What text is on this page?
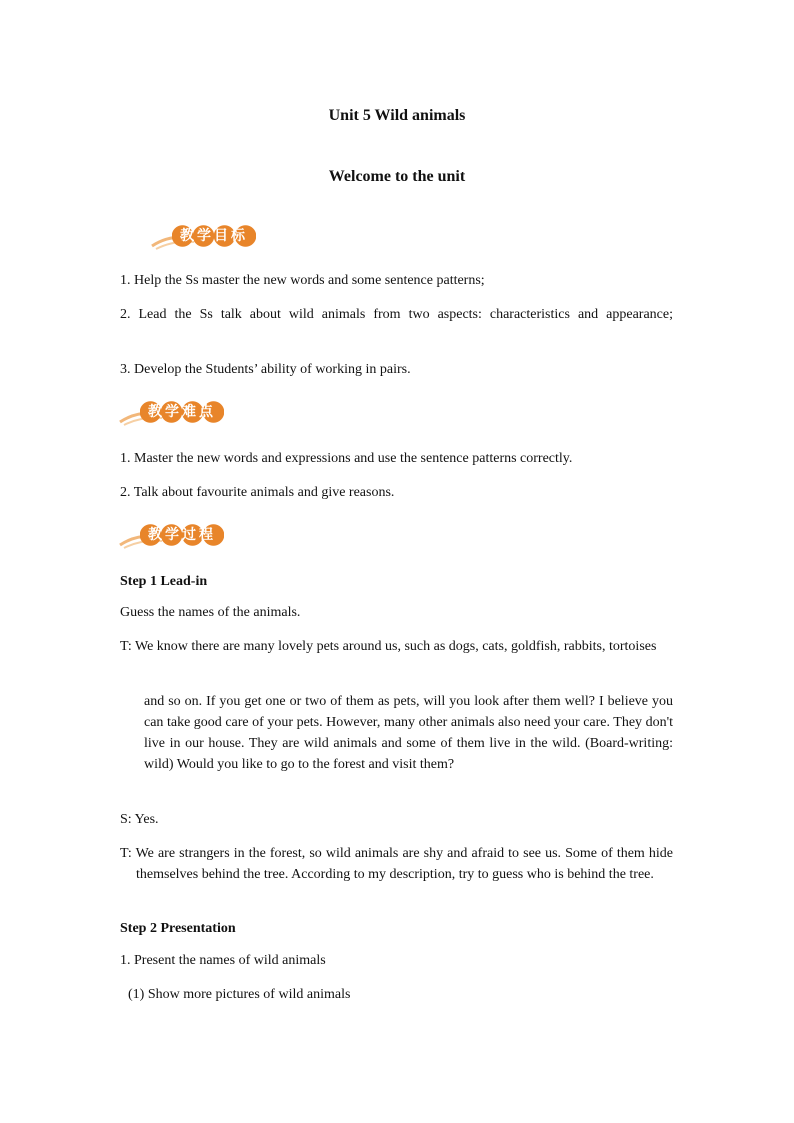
Unit 5 Wild animals
Welcome to the unit
教学目标
1. Help the Ss master the new words and some sentence patterns;
2. Lead the Ss talk about wild animals from two aspects: characteristics and appearance;
3. Develop the Students’ ability of working in pairs.
教学难点
1. Master the new words and expressions and use the sentence patterns correctly.
2. Talk about favourite animals and give reasons.
教学过程
Step 1 Lead-in
Guess the names of the animals.
T: We know there are many lovely pets around us, such as dogs, cats, goldfish, rabbits, tortoises
and so on. If you get one or two of them as pets, will you look after them well? I believe you can take good care of your pets. However, many other animals also need your care. They don't live in our house. They are wild animals and some of them live in the wild. (Board-writing: wild) Would you like to go to the forest and visit them?
S: Yes.
T: We are strangers in the forest, so wild animals are shy and afraid to see us. Some of them hide themselves behind the tree. According to my description, try to guess who is behind the tree.
Step 2 Presentation
1. Present the names of wild animals
(1) Show more pictures of wild animals
